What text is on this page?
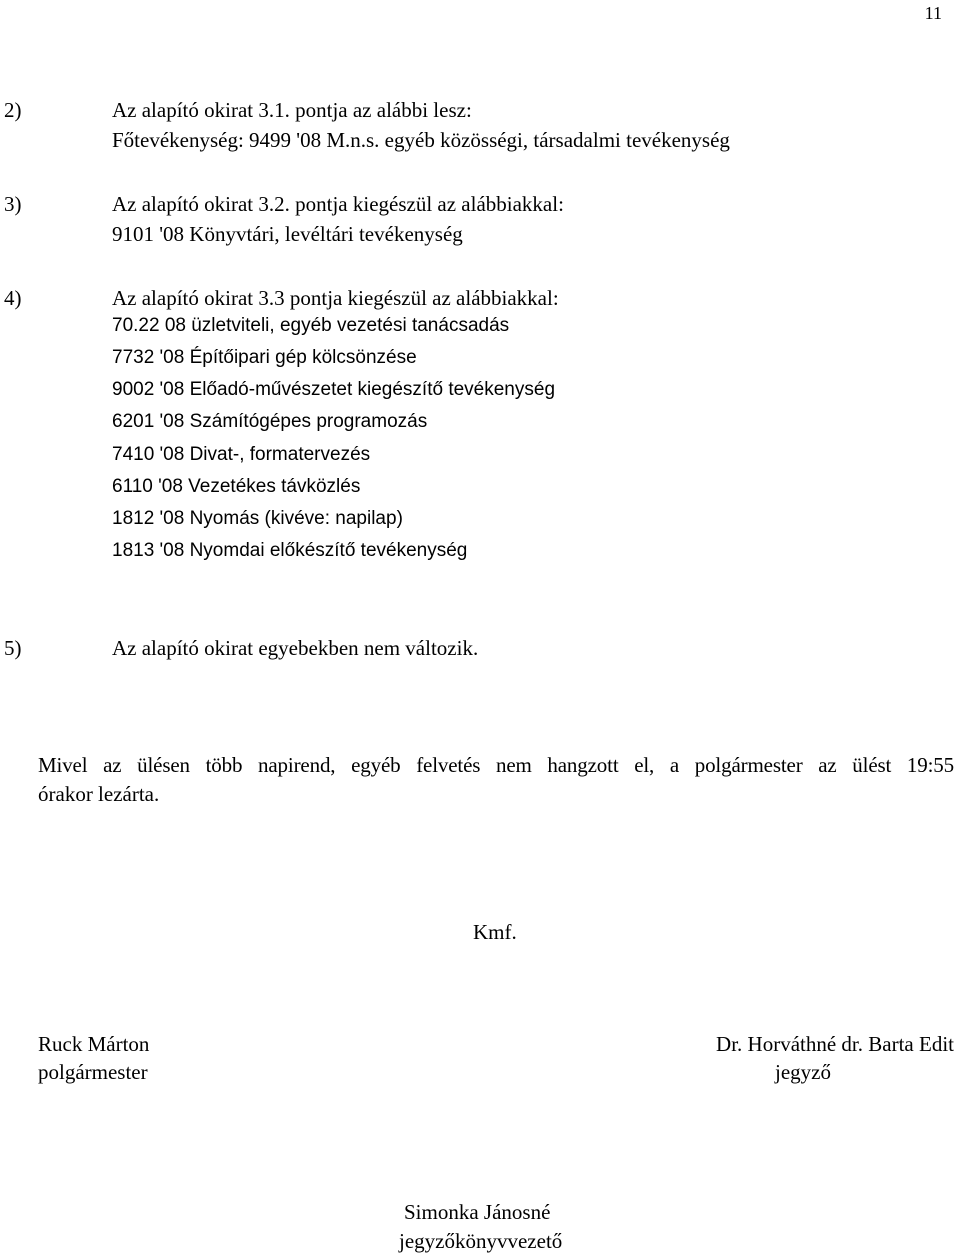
11
2)	Az alapító okirat 3.1. pontja az alábbi lesz:
Főtevékenység: 9499 '08 M.n.s. egyéb közösségi, társadalmi tevékenység
3)	Az alapító okirat 3.2. pontja kiegészül az alábbiakkal:
9101 '08 Könyvtári, levéltári tevékenység
4)	Az alapító okirat 3.3 pontja kiegészül az alábbiakkal:
70.22 08 üzletviteli, egyéb vezetési tanácsadás
7732 '08 Építőipari gép kölcsönzése
9002 '08 Előadó-művészetet kiegészítő tevékenység
6201 '08 Számítógépes programozás
7410 '08 Divat-, formatervezés
6110 '08 Vezetékes távközlés
1812 '08 Nyomás (kivéve: napilap)
1813 '08 Nyomdai előkészítő tevékenység
5)	Az alapító okirat egyebekben nem változik.
Mivel az ülésen több napirend, egyéb felvetés nem hangzott el, a polgármester az ülést 19:55
órakor lezárta.
Kmf.
Ruck Márton
polgármester
Dr. Horváthné dr. Barta Edit
jegyző
Simonka Jánosné
jegyzőkönyvvezető
